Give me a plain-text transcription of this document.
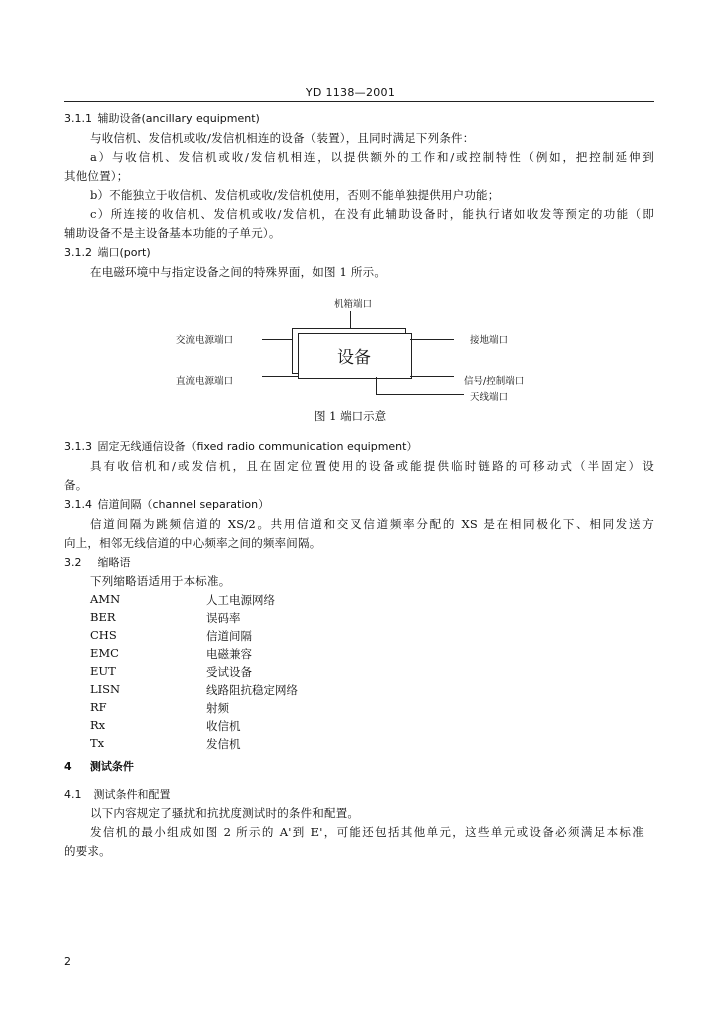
YD 1138—2001
3.1.1 辅助设备(ancillary equipment)
与收信机、发信机或收/发信机相连的设备（装置），且同时满足下列条件：
a）与收信机、发信机或收/发信机相连，以提供额外的工作和/或控制特性（例如，把控制延伸到
其他位置）；
b）不能独立于收信机、发信机或收/发信机使用，否则不能单独提供用户功能；
c）所连接的收信机、发信机或收/发信机，在没有此辅助设备时，能执行诸如收发等预定的功能（即
辅助设备不是主设备基本功能的子单元）。
3.1.2 端口(port)
在电磁环境中与指定设备之间的特殊界面，如图 1 所示。
机箱端口
设备
交流电源端口
直流电源端口
接地端口
信号/控制端口
天线端口
图 1 端口示意
3.1.3 固定无线通信设备（fixed radio communication equipment）
具有收信机和/或发信机，且在固定位置使用的设备或能提供临时链路的可移动式（半固定）设
备。
3.1.4 信道间隔（channel separation）
信道间隔为跳频信道的 XS/2。共用信道和交叉信道频率分配的 XS 是在相同极化下、相同发送方
向上，相邻无线信道的中心频率之间的频率间隔。
3.2 缩略语
下列缩略语适用于本标准。
AMN	人工电源网络
BER	误码率
CHS	信道间隔
EMC	电磁兼容
EUT	受试设备
LISN	线路阻抗稳定网络
RF	射频
Rx	收信机
Tx	发信机
4 测试条件
4.1 测试条件和配置
以下内容规定了骚扰和抗扰度测试时的条件和配置。
发信机的最小组成如图 2 所示的 A'到 E'，可能还包括其他单元，这些单元或设备必须满足本标准
的要求。
2
